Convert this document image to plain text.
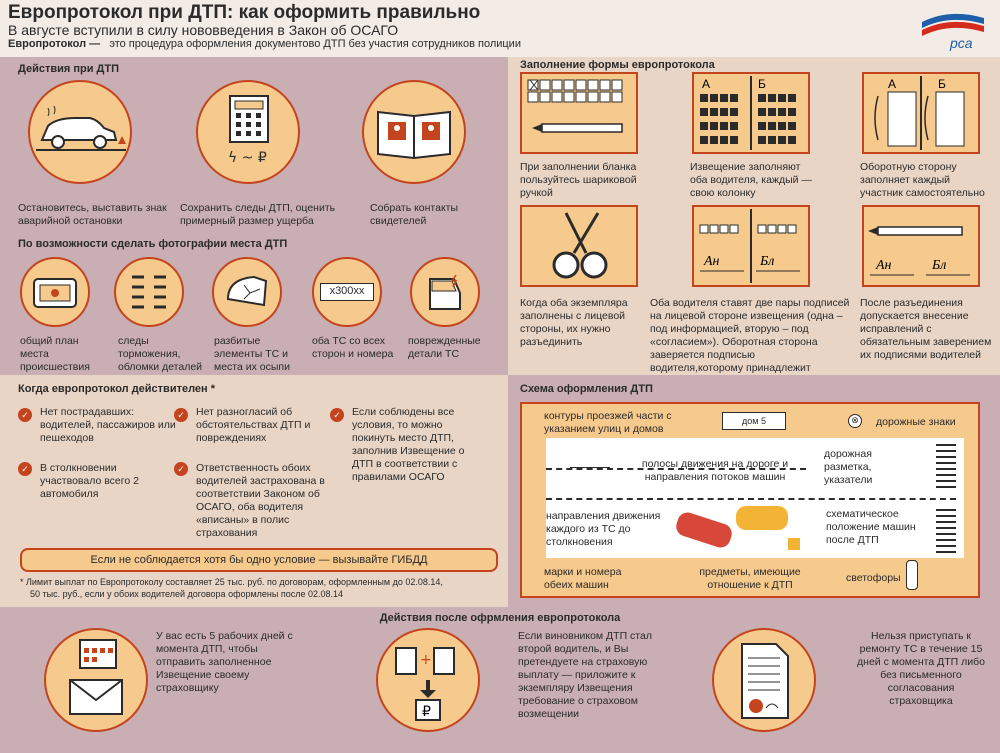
Европротокол при ДТП: как оформить правильно
В августе вступили в силу нововведения в Закон об ОСАГО
Европротокол — это процедура оформления документово ДТП без участия сотрудников полиции	рса
Действия при ДТП
ϟ ~ ₽
Остановитесь, выставить знак аварийной остановки
Сохранить следы ДТП, оценить примерный размер ущерба
Собрать контакты свидетелей
По возможности сделать фотографии места ДТП
х300хх
общий план места происшествия
следы торможения, обломки деталей
разбитые элементы ТС и места их осыпи
оба ТС со всех сторон и номера
поврежденные детали ТС
Заполнение формы европротокола
А	Б	А	Б
При заполнении бланка пользуйтесь шариковой ручкой
Извещение заполняют оба водителя, каждый — свою колонку
Оборотную сторону заполняет каждый участник самостоятельно
Ан	Бл	Ан	Бл
Когда оба экземпляра заполнены с лицевой стороны, их нужно разъединить
Оба водителя ставят две пары подписей на лицевой стороне извещения (одна – под информацией, вторую – под «согласием»). Оборотная сторона заверяется подписью водителя,которому принадлежит
После разъединения допускается внесение исправлений с обязательным заверением их подписями водителей
Когда европротокол действителен *
✓	Нет пострадавших: водителей, пассажиров или пешеходов
✓	В столкновении участвовало всего 2 автомобиля
✓	Нет разногласий об обстоятельствах ДТП и повреждениях
✓	Ответственность обоих водителей застрахована в соответствии Законом об ОСАГО, оба водителя «вписаны» в полис страхования
✓	Если соблюдены все условия, то можно покинуть место ДТП, заполнив Извещение о ДТП в соответствии с правилами ОСАГО
Если не соблюдается хотя бы одно условие — вызывайте ГИБДД
* Лимит выплат по Европротоколу составляет 25 тыс. руб. по договорам, оформленным до 02.08.14,
50 тыс. руб., если у обоих водителей договора оформлены после 02.08.14
Схема оформления ДТП
контуры проезжей части с указанием улиц и домов
дом 5	⊗	дорожные знаки
полосы движения на дороге и направления потоков машин
дорожная разметка, указатели
направления движения каждого из ТС до столкновения
схематическое положение машин после ДТП
марки и номера обеих машин
предметы, имеющие отношение к ДТП
светофоры
Действия после офрмления европротокола
У вас есть 5 рабочих дней с момента ДТП, чтобы отправить заполненное Извещение своему страховщику
+
₽
Если виновником ДТП стал второй водитель, и Вы претендуете на страховую выплату — приложите к экземпляру Извещения требование о страховом возмещении
Нельзя приступать к ремонту ТС в течение 15 дней с момента ДТП либо без письменного согласования страховщика
